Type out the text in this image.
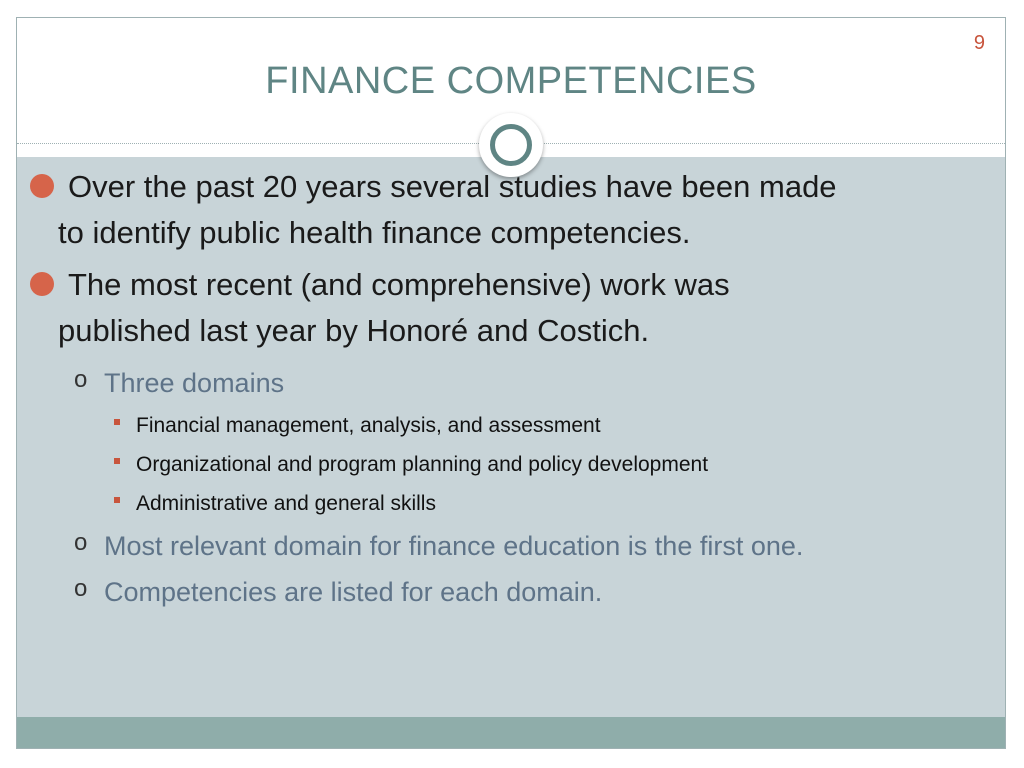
9
FINANCE COMPETENCIES
Over the past 20 years several studies have been made
to identify public health finance competencies.
The most recent (and comprehensive) work was
published last year by Honoré and Costich.
o Three domains
Financial management, analysis, and assessment
Organizational and program planning and policy development
Administrative and general skills
o Most relevant domain for finance education is the first one.
o Competencies are listed for each domain.
